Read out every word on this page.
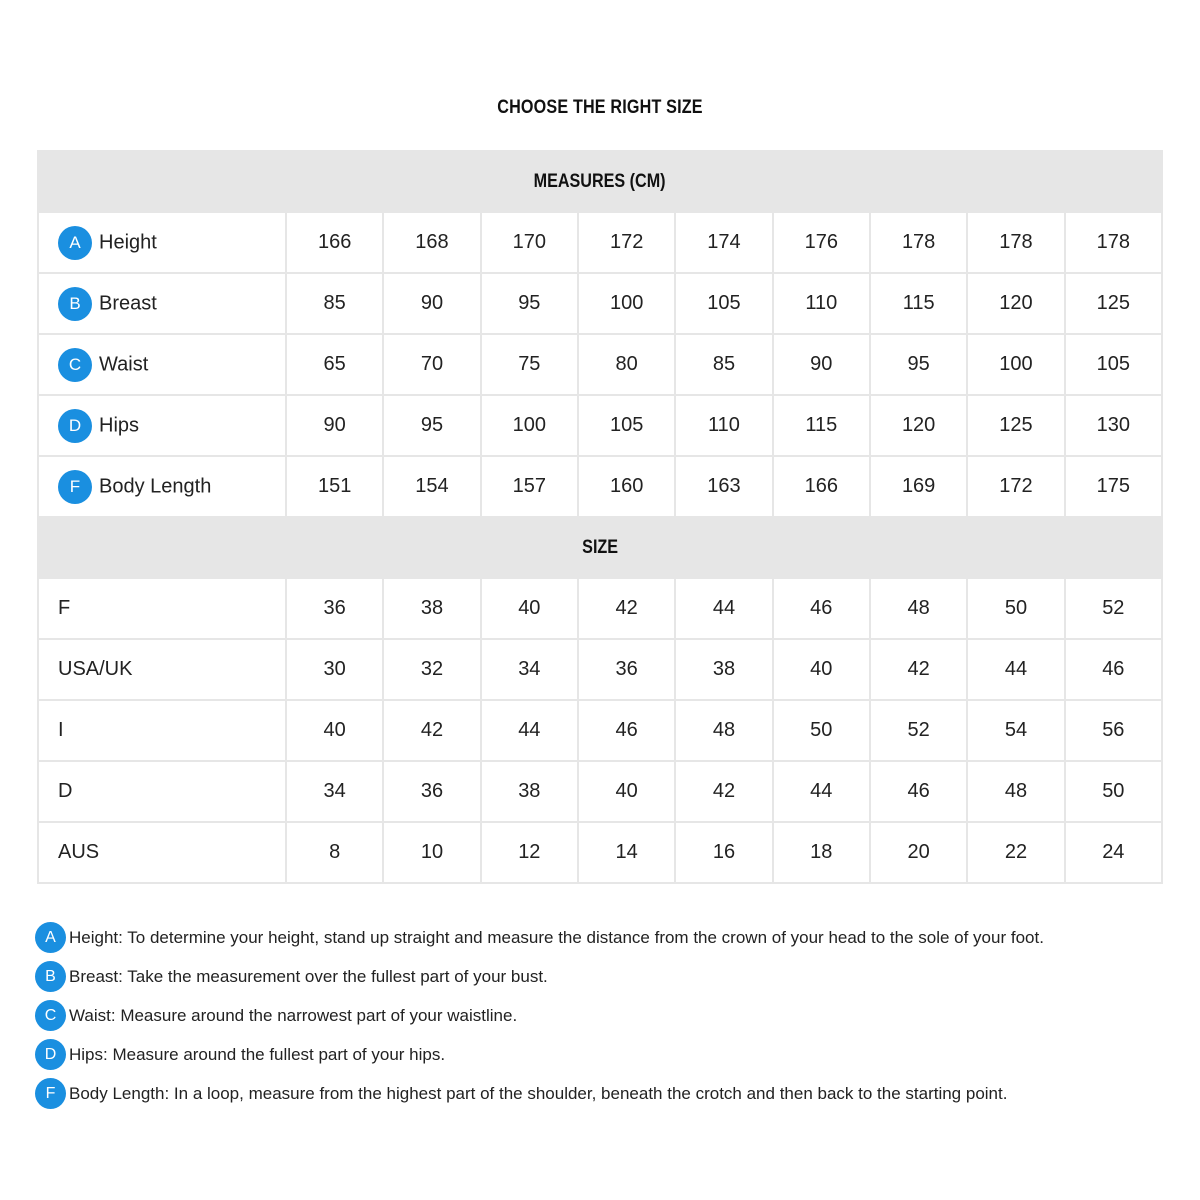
CHOOSE THE RIGHT SIZE
MEASURES (CM)									
A Height	166	168	170	172	174	176	178	178	178
B Breast	85	90	95	100	105	110	115	120	125
C Waist	65	70	75	80	85	90	95	100	105
D Hips	90	95	100	105	110	115	120	125	130
F Body Length	151	154	157	160	163	166	169	172	175
SIZE									
F	36	38	40	42	44	46	48	50	52
USA/UK	30	32	34	36	38	40	42	44	46
I	40	42	44	46	48	50	52	54	56
D	34	36	38	40	42	44	46	48	50
AUS	8	10	12	14	16	18	20	22	24
A Height: To determine your height, stand up straight and measure the distance from the crown of your head to the sole of your foot.
B Breast: Take the measurement over the fullest part of your bust.
C Waist: Measure around the narrowest part of your waistline.
D Hips: Measure around the fullest part of your hips.
F Body Length: In a loop, measure from the highest part of the shoulder, beneath the crotch and then back to the starting point.
